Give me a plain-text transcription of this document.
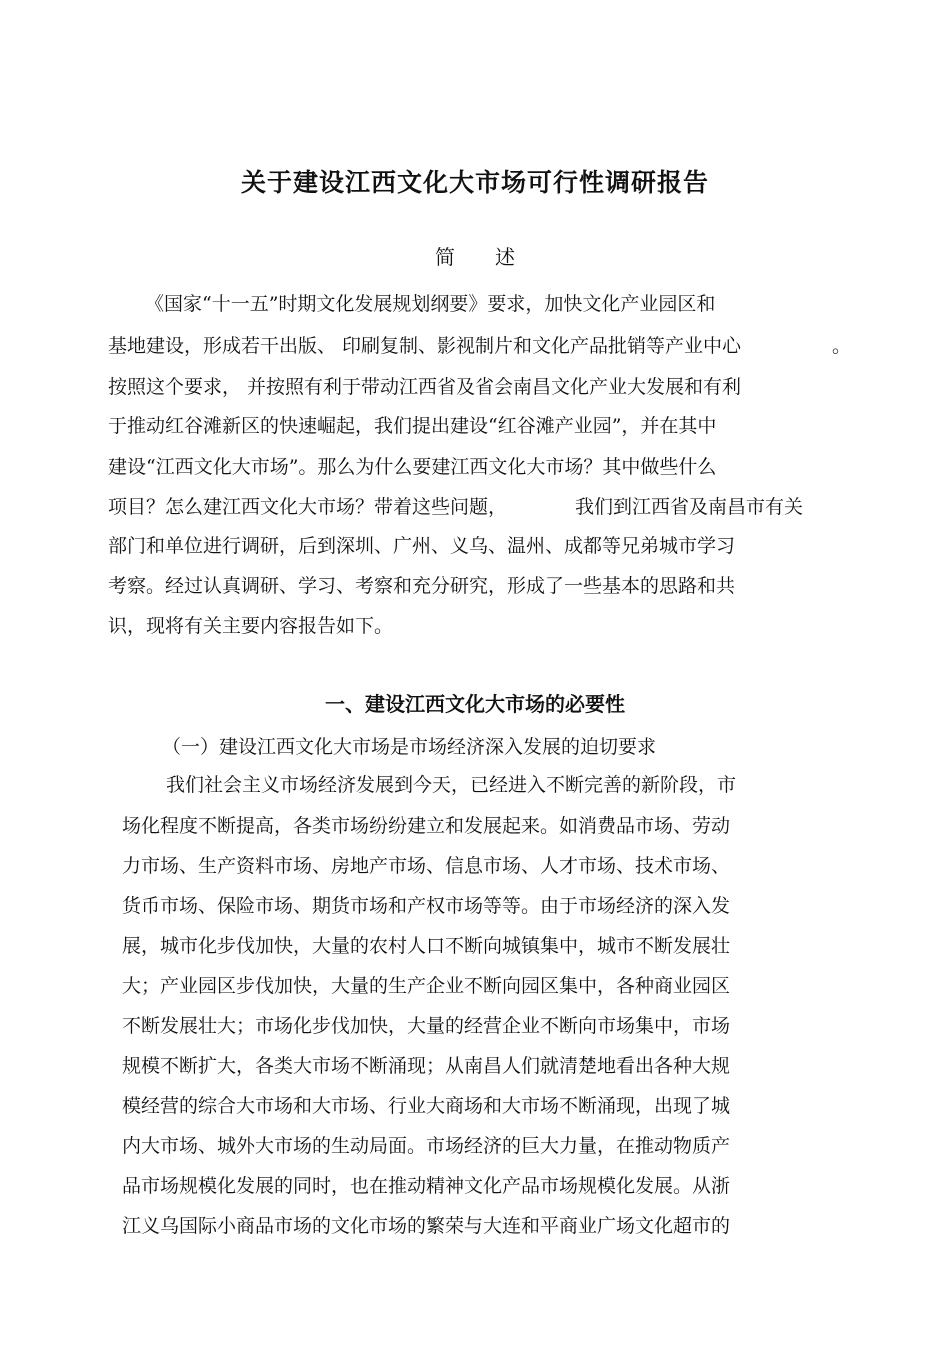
关于建设江西文化大市场可行性调研报告
简　　述

《国家“十一五”时期文化发展规划纲要》要求，加快文化产业园区和

基地建设，形成若干出版、 印刷复制、影视制片和文化产品批销等产业中心	。

按照这个要求， 并按照有利于带动江西省及省会南昌文化产业大发展和有利

于推动红谷滩新区的快速崛起，我们提出建设“红谷滩产业园”，并在其中

建设“江西文化大市场”。那么为什么要建江西文化大市场？其中做些什么

项目？怎么建江西文化大市场？带着这些问题，	我们到江西省及南昌市有关

部门和单位进行调研，后到深圳、广州、义乌、温州、成都等兄弟城市学习

考察。经过认真调研、学习、考察和充分研究，形成了一些基本的思路和共

识，现将有关主要内容报告如下。

一、建设江西文化大市场的必要性
（一）建设江西文化大市场是市场经济深入发展的迫切要求

我们社会主义市场经济发展到今天，已经进入不断完善的新阶段，市

场化程度不断提高，各类市场纷纷建立和发展起来。如消费品市场、劳动

力市场、生产资料市场、房地产市场、信息市场、人才市场、技术市场、

货币市场、保险市场、期货市场和产权市场等等。由于市场经济的深入发

展，城市化步伐加快，大量的农村人口不断向城镇集中，城市不断发展壮

大；产业园区步伐加快，大量的生产企业不断向园区集中，各种商业园区

不断发展壮大；市场化步伐加快，大量的经营企业不断向市场集中，市场

规模不断扩大，各类大市场不断涌现；从南昌人们就清楚地看出各种大规

模经营的综合大市场和大市场、行业大商场和大市场不断涌现，出现了城

内大市场、城外大市场的生动局面。市场经济的巨大力量，在推动物质产

品市场规模化发展的同时，也在推动精神文化产品市场规模化发展。从浙

江义乌国际小商品市场的文化市场的繁荣与大连和平商业广场文化超市的
